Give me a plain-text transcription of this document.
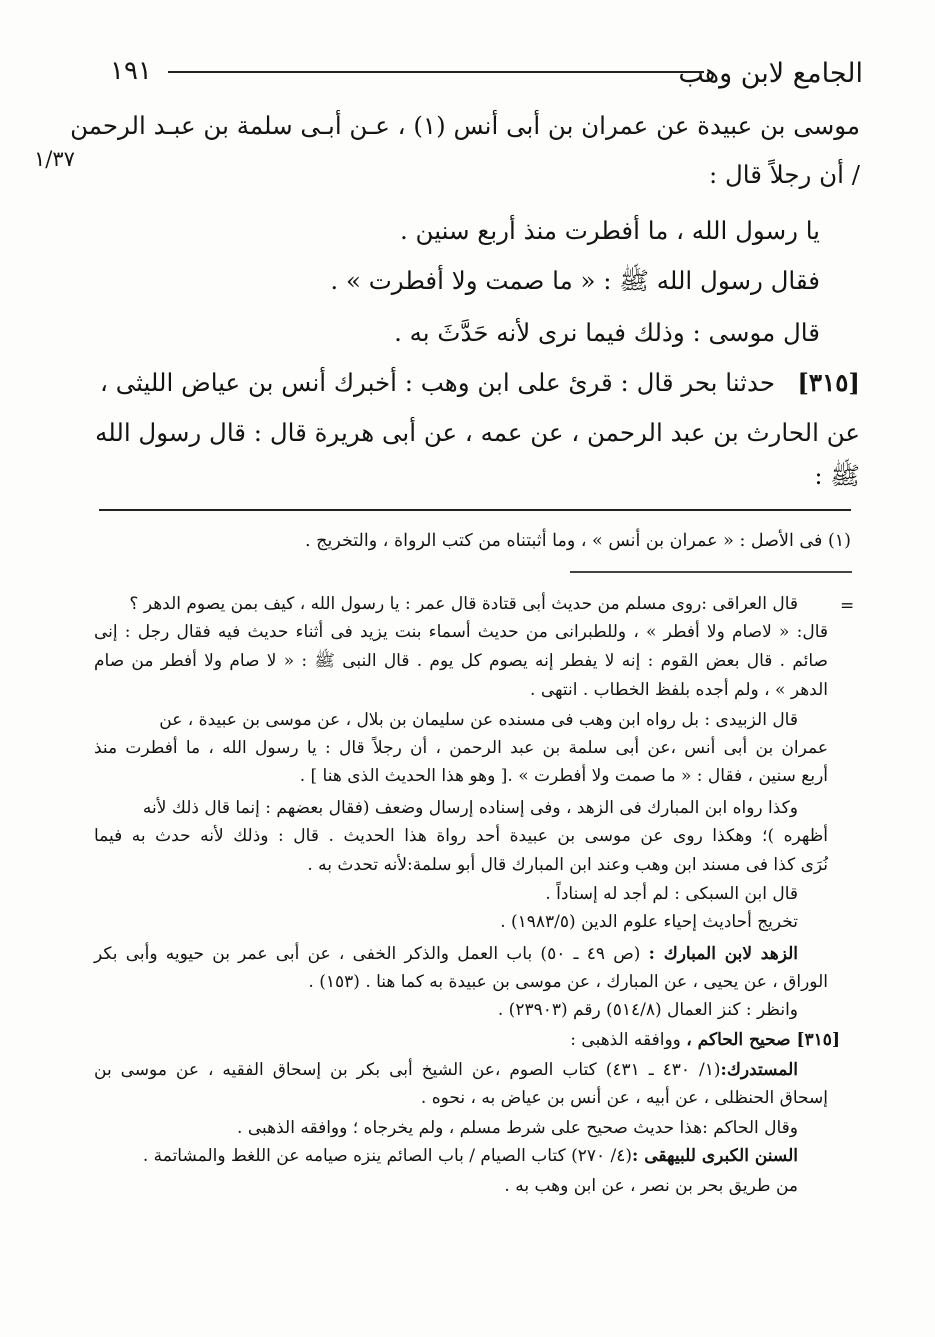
الجامع لابن وهب
١٩١
١/٣٧
موسى بن عبيدة عن عمران بن أبى أنس (١) ، عـن أبـى سلمة بن عبـد الرحمن
/ أن رجلاً قال :
يا رسول الله ، ما أفطرت منذ أربع سنين .
فقال رسول الله ﷺ : « ما صمت ولا أفطرت » .
قال موسى : وذلك فيما نرى لأنه حَدَّثَ به .
[٣١٥]
حدثنا بحر قال : قرئ على ابن وهب : أخبرك أنس بن عياض الليثى ،
عن الحارث بن عبد الرحمن ، عن عمه ، عن أبى هريرة قال : قال رسول الله
ﷺ :
(١) فى الأصل : « عمران بن أنس » ، وما أثبتناه من كتب الرواة ، والتخريج .
=
قال العراقى :روى مسلم من حديث أبى قتادة قال عمر : يا رسول الله ، كيف بمن يصوم الدهر ؟
قال: « لاصام ولا أفطر » ، وللطبرانى من حديث أسماء بنت يزيد فى أثناء حديث فيه فقال رجل : إنى
صائم . قال بعض القوم : إنه لا يفطر إنه يصوم كل يوم . قال النبى ﷺ : « لا صام ولا أفطر من صام
الدهر » ، ولم أجده بلفظ الخطاب . انتهى .
قال الزبيدى : بل رواه ابن وهب فى مسنده عن سليمان بن بلال ، عن موسى بن عبيدة ، عن
عمران بن أبى أنس ،عن أبى سلمة بن عبد الرحمن ، أن رجلاً قال : يا رسول الله ، ما أفطرت منذ
أربع سنين ، فقال : « ما صمت ولا أفطرت » .[ وهو هذا الحديث الذى هنا ] .
وكذا رواه ابن المبارك فى الزهد ، وفى إسناده إرسال وضعف (فقال بعضهم : إنما قال ذلك لأنه
أظهره )؛ وهكذا روى عن موسى بن عبيدة أحد رواة هذا الحديث . قال : وذلك لأنه حدث به فيما
نُرَى كذا فى مسند ابن وهب وعند ابن المبارك قال أبو سلمة:لأنه تحدث به .
قال ابن السبكى : لم أجد له إسناداً .
تخريج أحاديث إحياء علوم الدين (١٩٨٣/٥) .
الزهد لابن المبارك : (ص ٤٩ ـ ٥٠) باب العمل والذكر الخفى ، عن أبى عمر بن حيويه وأبى بكر
الوراق ، عن يحيى ، عن المبارك ، عن موسى بن عبيدة به كما هنا . (١٥٣) .
وانظر : كنز العمال (٥١٤/٨) رقم (٢٣٩٠٣) .
[٣١٥] صحيح الحاكم ، ووافقه الذهبى :
المستدرك:(١/ ٤٣٠ ـ ٤٣١) كتاب الصوم ،عن الشيخ أبى بكر بن إسحاق الفقيه ، عن موسى بن
إسحاق الحنظلى ، عن أبيه ، عن أنس بن عياض به ، نحوه .
وقال الحاكم :هذا حديث صحيح على شرط مسلم ، ولم يخرجاه ؛ ووافقه الذهبى .
السنن الكبرى للبيهقى :(٤/ ٢٧٠) كتاب الصيام / باب الصائم ينزه صيامه عن اللغط والمشاتمة .
من طريق بحر بن نصر ، عن ابن وهب به .
